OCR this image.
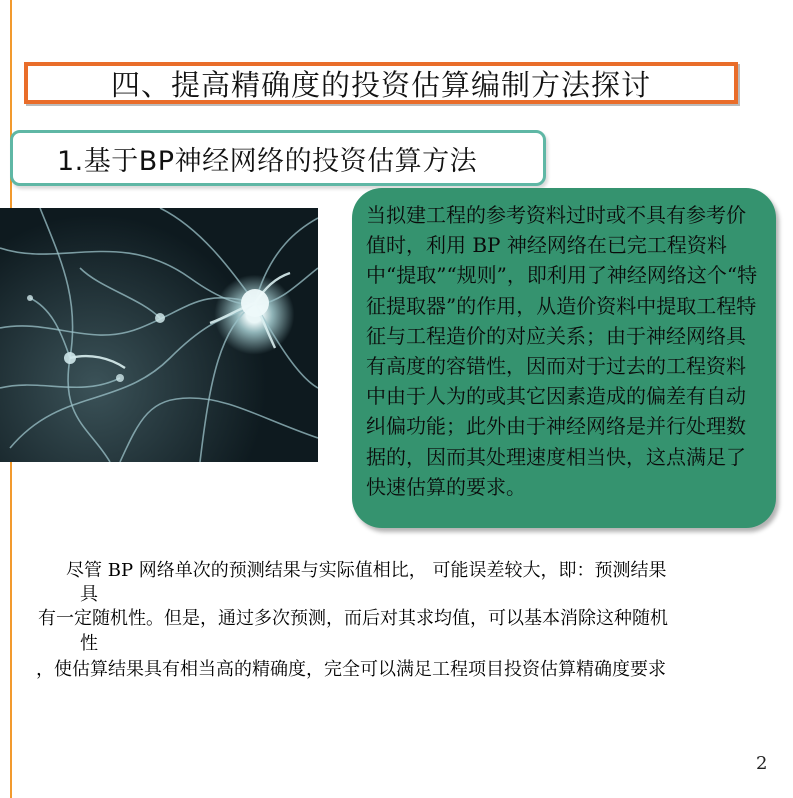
四、提高精确度的投资估算编制方法探讨
1.基于BP神经网络的投资估算方法

当拟建工程的参考资料过时或不具有参考价值时，利用 BP 神经网络在已完工程资料中“提取”“规则”，即利用了神经网络这个“特征提取器”的作用，从造价资料中提取工程特征与工程造价的对应关系；由于神经网络具有高度的容错性，因而对于过去的工程资料中由于人为的或其它因素造成的偏差有自动纠偏功能；此外由于神经网络是并行处理数据的，因而其处理速度相当快，这点满足了快速估算的要求。

尽管 BP 网络单次的预测结果与实际值相比， 可能误差较大，即：预测结果

具

有一定随机性。但是，通过多次预测，而后对其求均值，可以基本消除这种随机

性

，使估算结果具有相当高的精确度，完全可以满足工程项目投资估算精确度要求

2
